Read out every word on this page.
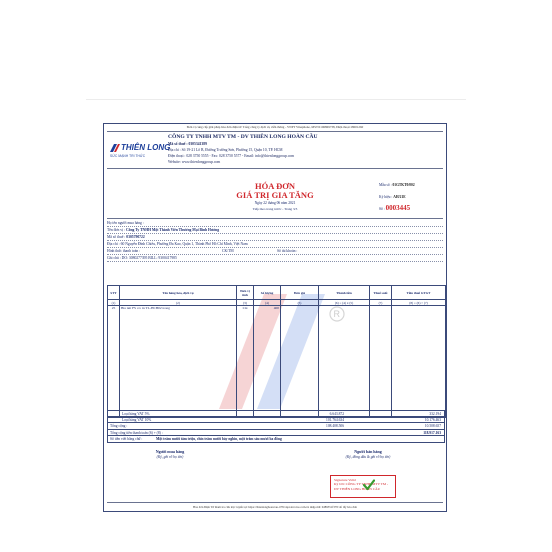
Đơn vị cung cấp giải pháp hóa đơn điện tử: Tổng công ty dịch vụ viễn thông - VNPT Vinaphone, MST:0106869738, Điện thoại:18001260
THIÊN LONG
SỨC MẠNH TRI THỨC
CÔNG TY TNHH MTV TM - DV THIÊN LONG HOÀN CẦU
Mã số thuế : 0305341389
Địa chỉ : Số 19-21 Lô B, Đường Trường Sơn, Phường 15, Quận 10, TP. HCM
Điện thoại : 028 3750 5555 - Fax: 028 3750 5577 - Email: info@thienlonggroup.com
Website: www.thienlonggroup.com
HÓA ĐƠN
GIÁ TRỊ GIA TĂNG
Ngày 22 tháng 06 năm 2021
Tiếp theo trang trước - Trang 3/3
Mẫu số : 01GTKT0/002
Ký hiệu : AH/21E
Số : 0003445
Họ tên người mua hàng :
Tên đơn vị : Công Ty TNHH Một Thành Viên Thương Mại Bình Hương
Mã số thuế : 0305790722
Địa chỉ : 60 Nguyễn Đình Chiểu, Phường Đa Kao, Quận 1, Thành Phố Hồ Chí Minh, Việt Nam
Hình thức thanh toán :	CK/TM	Số tài khoản :
Ghi chú : DO: 3080277395 BILL: 9300417985
R
STT	Tên hàng hóa, dịch vụ	Đơn vị tính	Số lượng	Đơn giá	Thành tiền	Thuế suất	Tiền thuế GTGT
(1)	(2)	(3)	(4)	(5)	(6) = (4) x (5)	(7)	(8) = (6) × (7)
25	Bìa nút FS c/o in TL-HCB02 trong	Cái	400				

Loại hàng VAT 5%	6.643.872	332.194
Loại hàng VAT 10%	101.764.634	10.176.463
Tổng cộng :	108.408.506	10.508.657
Tổng cộng tiền thanh toán (6) + (8) :	118.917.163
Số tiền viết bằng chữ :	Một trăm mười tám triệu, chín trăm mười bảy nghìn, một trăm sáu mươi ba đồng
Người mua hàng
(Ký, ghi rõ họ tên)
Người bán hàng
(Ký, đóng dấu & ghi rõ họ tên)
Signature Valid
Ký bởi: CÔNG TY TNHH MTV TM -
DV THIÊN LONG HOÀN CẦU
Hóa đơn Điện Tử tham tra cứu trực tuyến tại: https://thienlonghoancau-tt78.vnpt-invoice.com.vn nhập mã: 0d89351f37N đổ lấy hóa đơn
